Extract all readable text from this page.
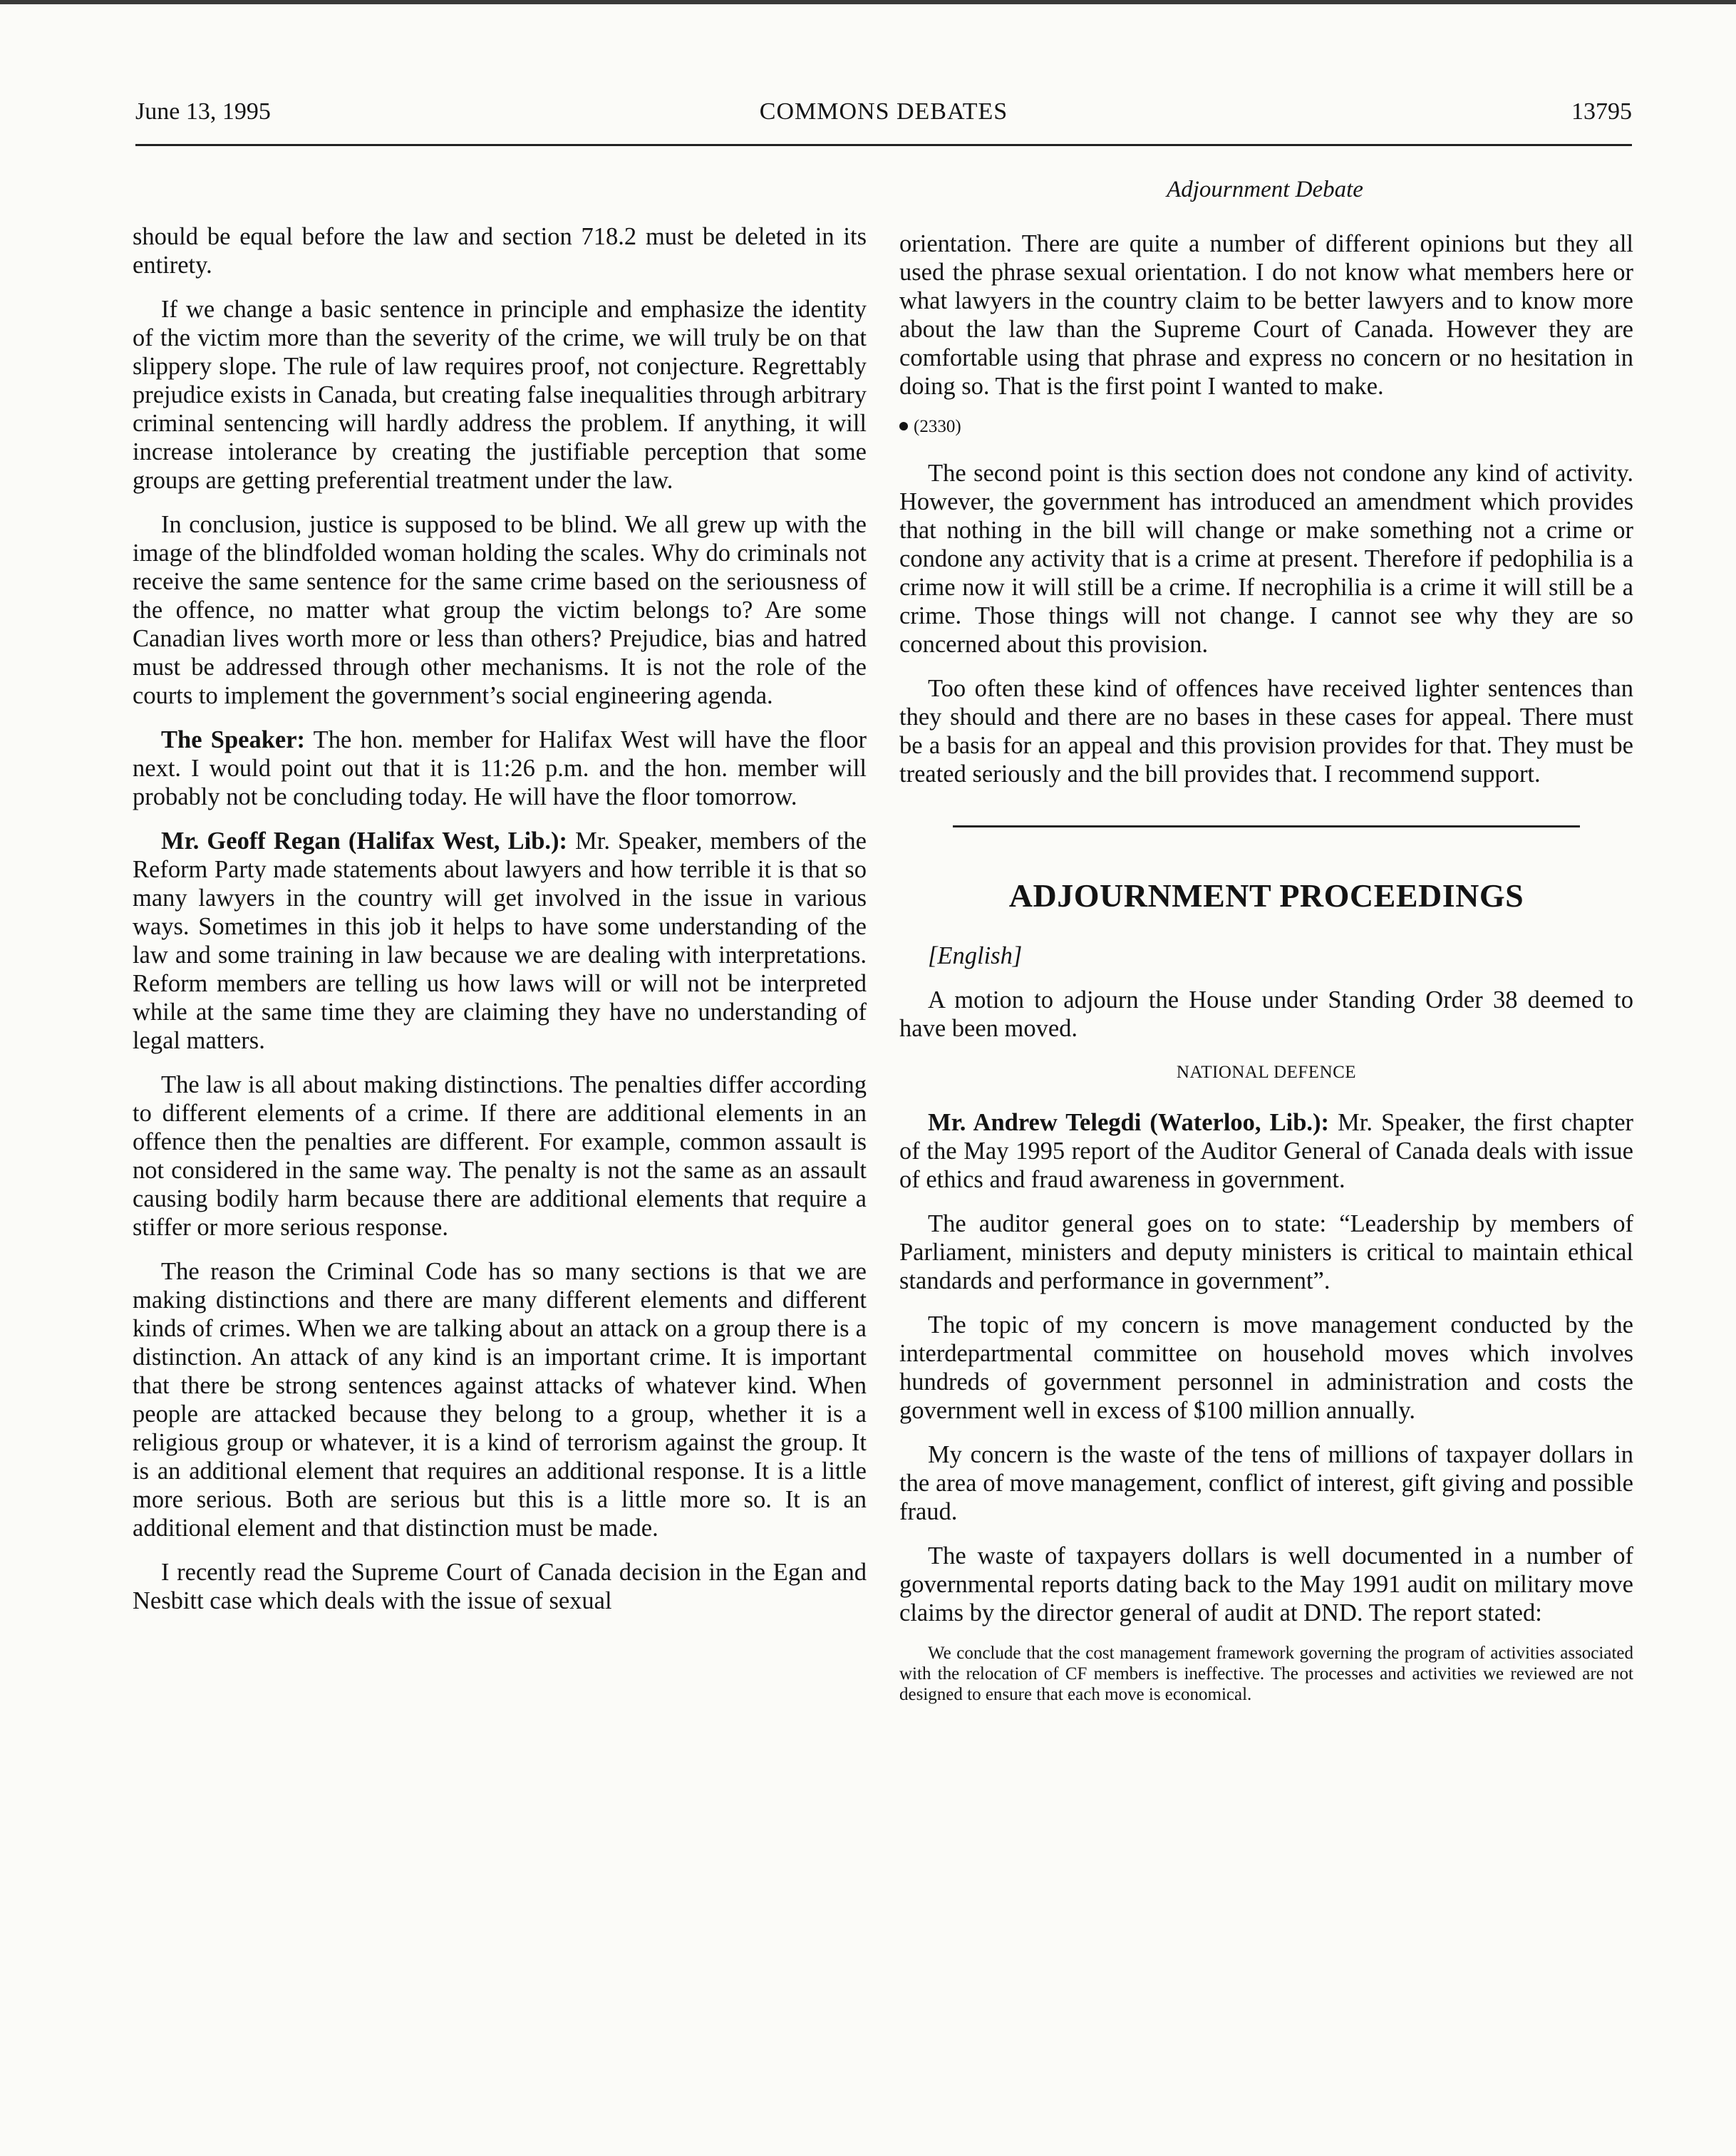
June 13, 1995	COMMONS DEBATES	13795
Adjournment Debate

should be equal before the law and section 718.2 must be deleted in its entirety.

If we change a basic sentence in principle and emphasize the identity of the victim more than the severity of the crime, we will truly be on that slippery slope. The rule of law requires proof, not conjecture. Regrettably prejudice exists in Canada, but creating false inequalities through arbitrary criminal sentencing will hardly address the problem. If anything, it will increase intolerance by creating the justifiable perception that some groups are getting preferential treatment under the law.

In conclusion, justice is supposed to be blind. We all grew up with the image of the blindfolded woman holding the scales. Why do criminals not receive the same sentence for the same crime based on the seriousness of the offence, no matter what group the victim belongs to? Are some Canadian lives worth more or less than others? Prejudice, bias and hatred must be addressed through other mechanisms. It is not the role of the courts to implement the government’s social engineering agenda.

The Speaker: The hon. member for Halifax West will have the floor next. I would point out that it is 11:26 p.m. and the hon. member will probably not be concluding today. He will have the floor tomorrow.

Mr. Geoff Regan (Halifax West, Lib.): Mr. Speaker, members of the Reform Party made statements about lawyers and how terrible it is that so many lawyers in the country will get involved in the issue in various ways. Sometimes in this job it helps to have some understanding of the law and some training in law because we are dealing with interpretations. Reform members are telling us how laws will or will not be interpreted while at the same time they are claiming they have no understanding of legal matters.

The law is all about making distinctions. The penalties differ according to different elements of a crime. If there are additional elements in an offence then the penalties are different. For example, common assault is not considered in the same way. The penalty is not the same as an assault causing bodily harm because there are additional elements that require a stiffer or more serious response.

The reason the Criminal Code has so many sections is that we are making distinctions and there are many different elements and different kinds of crimes. When we are talking about an attack on a group there is a distinction. An attack of any kind is an important crime. It is important that there be strong sentences against attacks of whatever kind. When people are attacked because they belong to a group, whether it is a religious group or whatever, it is a kind of terrorism against the group. It is an additional element that requires an additional response. It is a little more serious. Both are serious but this is a little more so. It is an additional element and that distinction must be made.

I recently read the Supreme Court of Canada decision in the Egan and Nesbitt case which deals with the issue of sexual

orientation. There are quite a number of different opinions but they all used the phrase sexual orientation. I do not know what members here or what lawyers in the country claim to be better lawyers and to know more about the law than the Supreme Court of Canada. However they are comfortable using that phrase and express no concern or no hesitation in doing so. That is the first point I wanted to make.

(2330)

The second point is this section does not condone any kind of activity. However, the government has introduced an amendment which provides that nothing in the bill will change or make something not a crime or condone any activity that is a crime at present. Therefore if pedophilia is a crime now it will still be a crime. If necrophilia is a crime it will still be a crime. Those things will not change. I cannot see why they are so concerned about this provision.

Too often these kind of offences have received lighter sentences than they should and there are no bases in these cases for appeal. There must be a basis for an appeal and this provision provides for that. They must be treated seriously and the bill provides that. I recommend support.

ADJOURNMENT PROCEEDINGS

[English]

A motion to adjourn the House under Standing Order 38 deemed to have been moved.

NATIONAL DEFENCE

Mr. Andrew Telegdi (Waterloo, Lib.): Mr. Speaker, the first chapter of the May 1995 report of the Auditor General of Canada deals with issue of ethics and fraud awareness in government.

The auditor general goes on to state: “Leadership by members of Parliament, ministers and deputy ministers is critical to maintain ethical standards and performance in government”.

The topic of my concern is move management conducted by the interdepartmental committee on household moves which involves hundreds of government personnel in administration and costs the government well in excess of $100 million annually.

My concern is the waste of the tens of millions of taxpayer dollars in the area of move management, conflict of interest, gift giving and possible fraud.

The waste of taxpayers dollars is well documented in a number of governmental reports dating back to the May 1991 audit on military move claims by the director general of audit at DND. The report stated:

We conclude that the cost management framework governing the program of activities associated with the relocation of CF members is ineffective. The processes and activities we reviewed are not designed to ensure that each move is economical.
